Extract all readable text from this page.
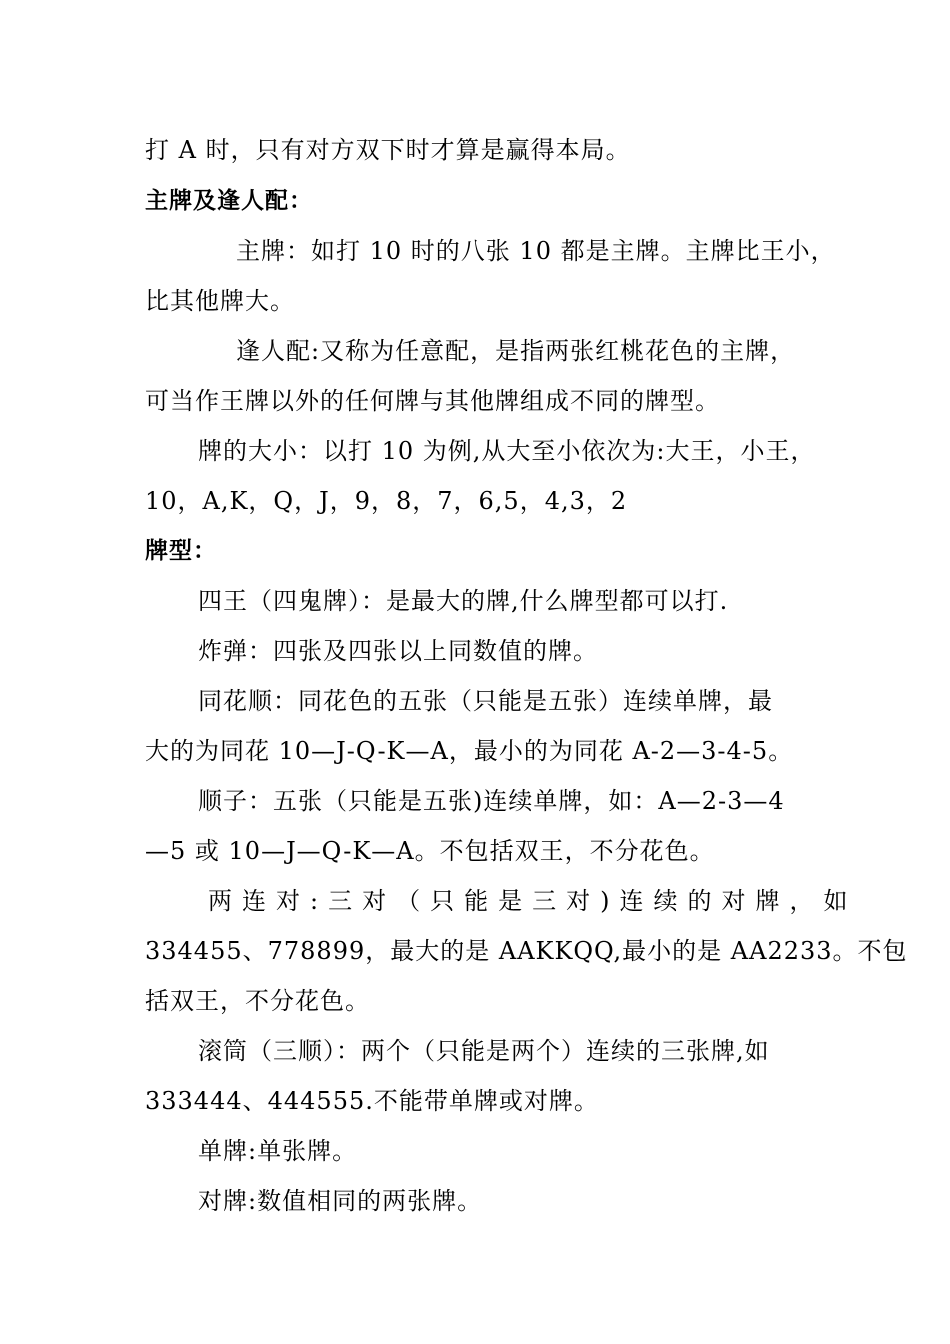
打 A 时，只有对方双下时才算是赢得本局。
主牌及逢人配：
主牌：如打 10 时的八张 10 都是主牌。主牌比王小，
比其他牌大。
逢人配:又称为任意配，是指两张红桃花色的主牌，
可当作王牌以外的任何牌与其他牌组成不同的牌型。
牌的大小：以打 10 为例,从大至小依次为:大王，小王，
10，A,K，Q，J，9，8，7，6,5，4,3，2
牌型：
四王（四鬼牌）：是最大的牌,什么牌型都可以打.
炸弹：四张及四张以上同数值的牌。
同花顺：同花色的五张（只能是五张）连续单牌，最
大的为同花 10—J-Q-K—A，最小的为同花 A-2—3-4-5。
顺子：五张（只能是五张)连续单牌，如：A—2-3—4
—5 或 10—J—Q-K—A。不包括双王，不分花色。
两连对:三对（只能是三对)连续的对牌，如
334455、778899，最大的是 AAKKQQ,最小的是 AA2233。不包
括双王，不分花色。
滚筒（三顺）：两个（只能是两个）连续的三张牌,如
333444、444555.不能带单牌或对牌。
单牌:单张牌。
对牌:数值相同的两张牌。
